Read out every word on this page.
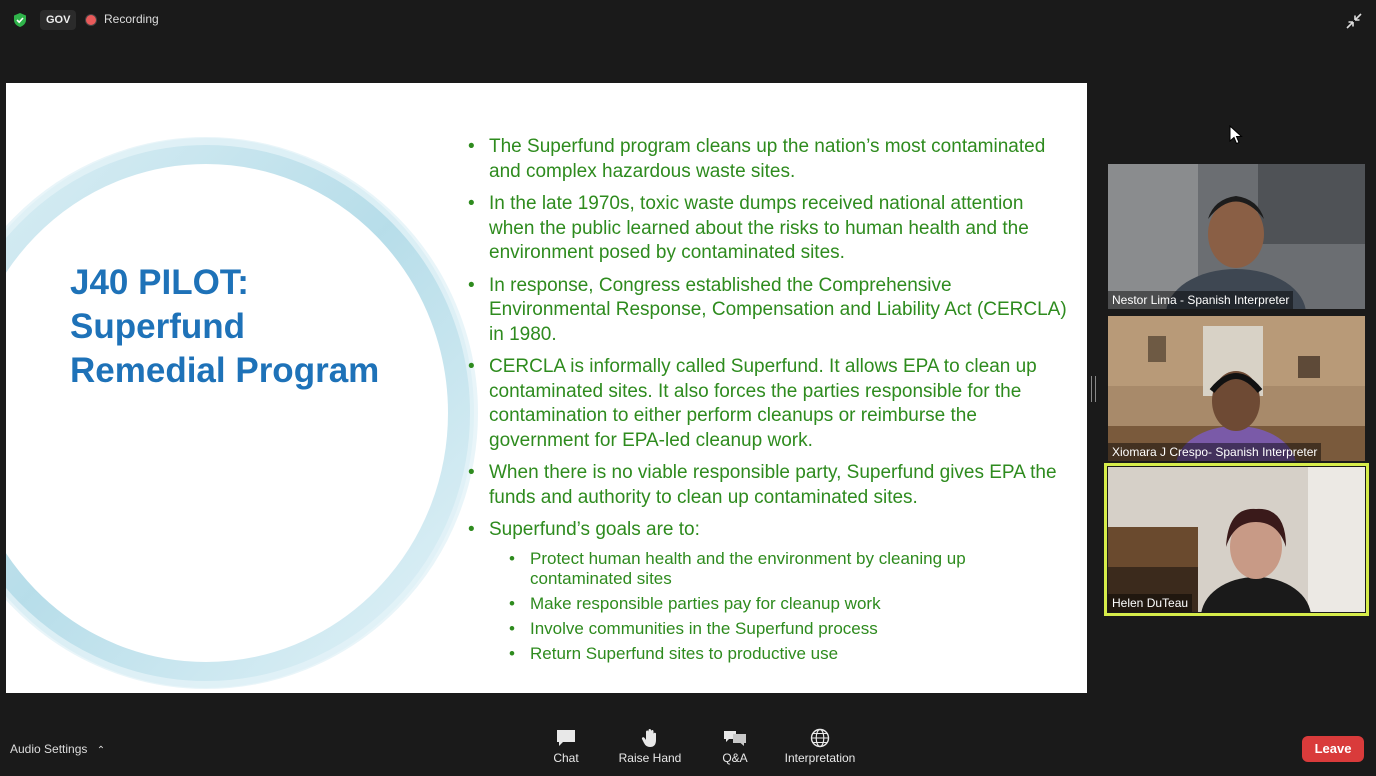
GOV	Recording
J40 PILOT:
Superfund
Remedial Program
• The Superfund program cleans up the nation’s most contaminated and complex hazardous waste sites.
• In the late 1970s, toxic waste dumps received national attention when the public learned about the risks to human health and the environment posed by contaminated sites.
• In response, Congress established the Comprehensive Environmental Response, Compensation and Liability Act (CERCLA) in 1980.
• CERCLA is informally called Superfund. It allows EPA to clean up contaminated sites. It also forces the parties responsible for the contamination to either perform cleanups or reimburse the government for EPA-led cleanup work.
• When there is no viable responsible party, Superfund gives EPA the funds and authority to clean up contaminated sites.
• Superfund’s goals are to:
• Protect human health and the environment by cleaning up contaminated sites
• Make responsible parties pay for cleanup work
• Involve communities in the Superfund process
• Return Superfund sites to productive use
Nestor Lima - Spanish Interpreter
Xiomara J Crespo- Spanish Interpreter
Helen DuTeau
Audio Settings ⌃
Chat	Raise Hand	Q&A	Interpretation
Leave
